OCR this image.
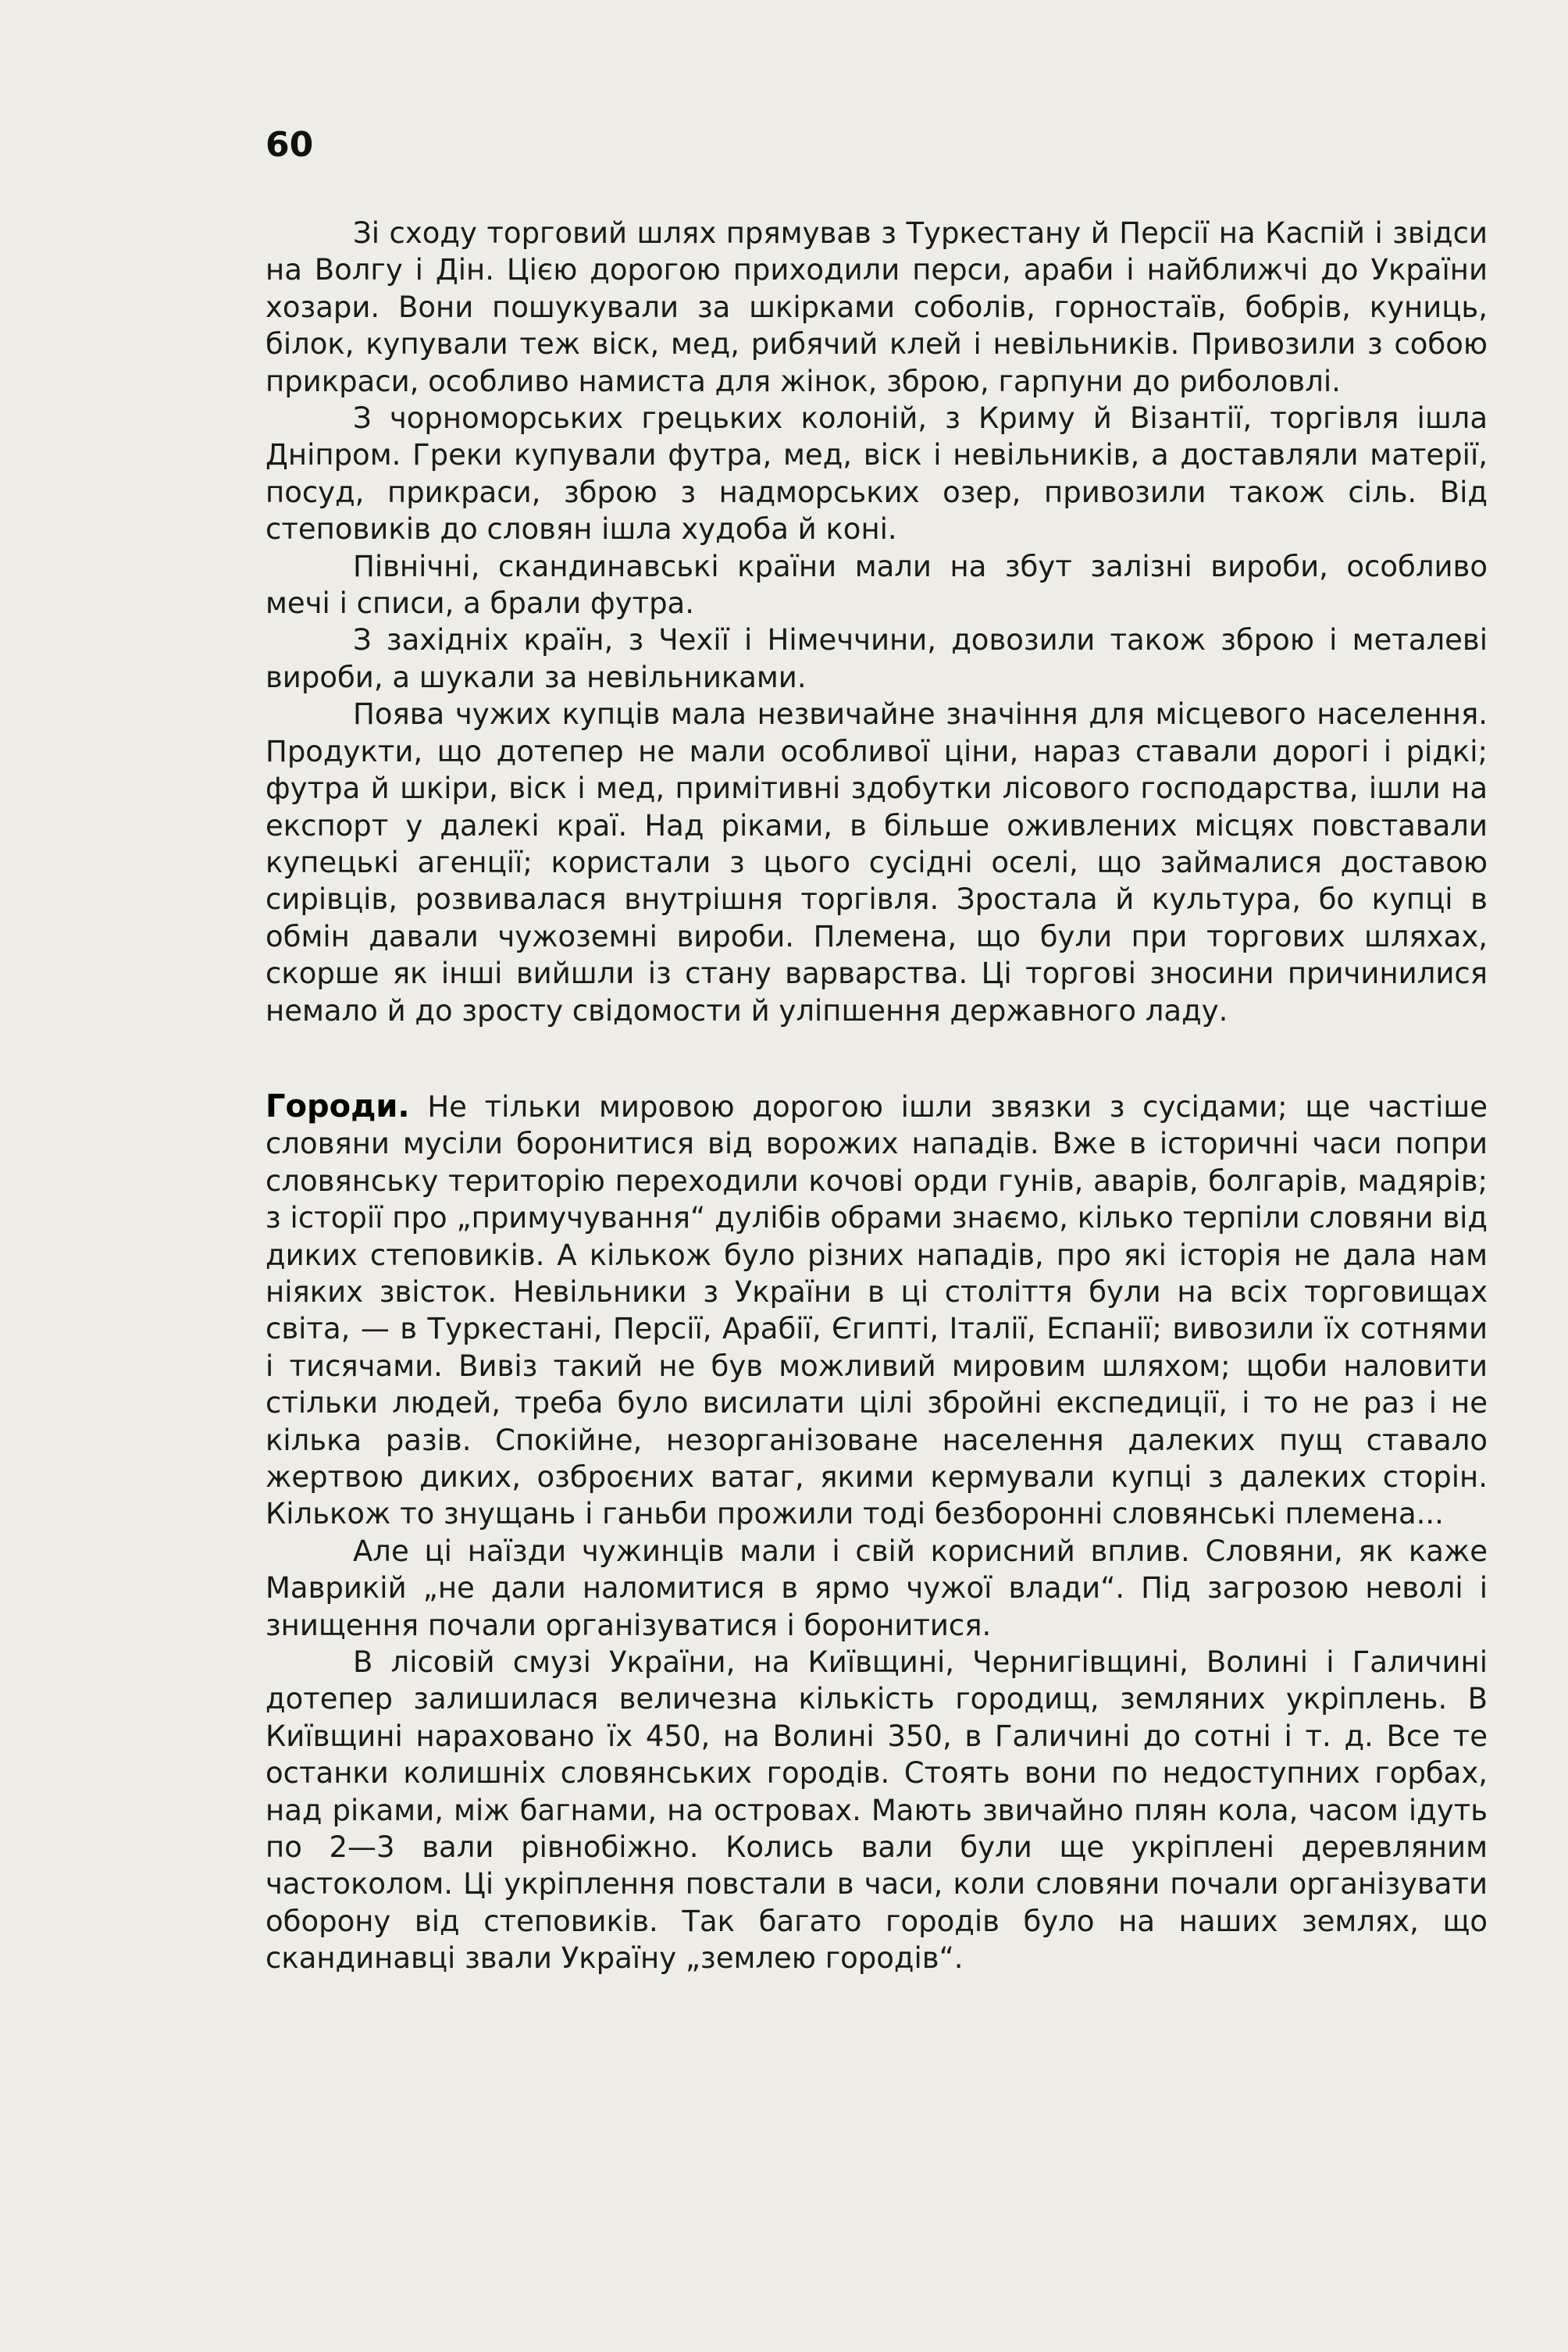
60

Зі сходу торговий шлях прямував з Туркестану й Персії на Каспій і звідси на Волгу і Дін. Цією дорогою приходили перси, араби і найближчі до України хозари. Вони пошукували за шкірками соболів, горностаїв, бобрів, куниць, білок, купували теж віск, мед, рибячий клей і невільників. Привозили з собою прикраси, особливо намиста для жінок, зброю, гарпуни до риболовлі.

З чорноморських грецьких колоній, з Криму й Візантії, торгівля ішла Дніпром. Греки купували футра, мед, віск і невільників, а доставляли матерії, посуд, прикраси, зброю з надморських озер, привозили також сіль. Від степовиків до словян ішла худоба й коні.

Північні, скандинавські країни мали на збут залізні вироби, особливо мечі і списи, а брали футра.

З західніх країн, з Чехії і Німеччини, довозили також зброю і металеві вироби, а шукали за невільниками.

Поява чужих купців мала незвичайне значіння для місцевого населення. Продукти, що дотепер не мали особливої ціни, нараз ставали дорогі і рідкі; футра й шкіри, віск і мед, примітивні здобутки лісового господарства, ішли на експорт у далекі краї. Над ріками, в більше оживлених місцях повставали купецькі агенції; користали з цього сусідні оселі, що займалися доставою сирівців, розвивалася внутрішня торгівля. Зростала й культура, бо купці в обмін давали чужоземні вироби. Племена, що були при торгових шляхах, скорше як інші вийшли із стану варварства. Ці торгові зносини причинилися немало й до зросту свідомости й уліпшення державного ладу.

Городи. Не тільки мировою дорогою ішли звязки з сусідами; ще частіше словяни мусіли боронитися від ворожих нападів. Вже в історичні часи попри словянську територію переходили кочові орди гунів, аварів, болгарів, мадярів; з історії про „примучування“ дулібів обрами знаємо, кілько терпіли словяни від диких степовиків. А кількож було різних нападів, про які історія не дала нам ніяких звісток. Невільники з України в ці століття були на всіх торговищах світа, — в Туркестані, Персії, Арабії, Єгипті, Італії, Еспанії; вивозили їх сотнями і тисячами. Вивіз такий не був можливий мировим шляхом; щоби наловити стільки людей, треба було висилати цілі збройні експедиції, і то не раз і не кілька разів. Спокійне, незорганізоване населення далеких пущ ставало жертвою диких, озброєних ватаг, якими кермували купці з далеких сторін. Кількож то знущань і ганьби прожили тоді безборонні словянські племена...

Але ці наїзди чужинців мали і свій корисний вплив. Словяни, як каже Маврикій „не дали наломитися в ярмо чужої влади“. Під загрозою неволі і знищення почали організуватися і боронитися.

В лісовій смузі України, на Київщині, Чернигівщині, Волині і Галичині дотепер залишилася величезна кількість городищ, земляних укріплень. В Київщині нараховано їх 450, на Волині 350, в Галичині до сотні і т. д. Все те останки колишніх словянських городів. Стоять вони по недоступних горбах, над ріками, між багнами, на островах. Мають звичайно плян кола, часом ідуть по 2—3 вали рівнобіжно. Колись вали були ще укріплені деревляним частоколом. Ці укріплення повстали в часи, коли словяни почали організувати оборону від степовиків. Так багато городів було на наших землях, що скандинавці звали Україну „землею городів“.
